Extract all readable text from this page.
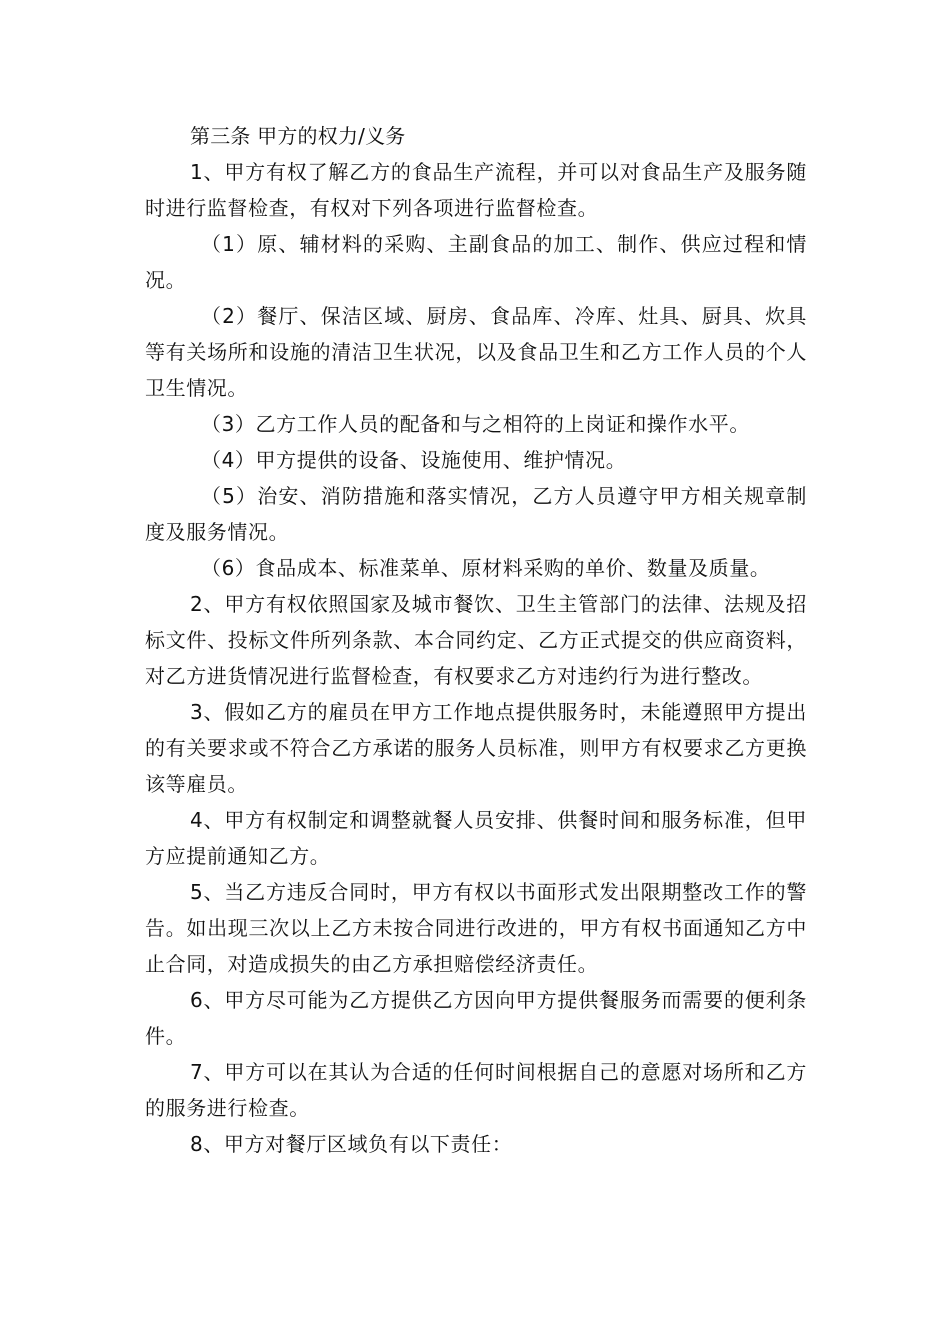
第三条 甲方的权力/义务

1、甲方有权了解乙方的食品生产流程，并可以对食品生产及服务随时进行监督检查，有权对下列各项进行监督检查。

（1）原、辅材料的采购、主副食品的加工、制作、供应过程和情况。

（2）餐厅、保洁区域、厨房、食品库、冷库、灶具、厨具、炊具等有关场所和设施的清洁卫生状况，以及食品卫生和乙方工作人员的个人卫生情况。

（3）乙方工作人员的配备和与之相符的上岗证和操作水平。

（4）甲方提供的设备、设施使用、维护情况。

（5）治安、消防措施和落实情况，乙方人员遵守甲方相关规章制度及服务情况。

（6）食品成本、标准菜单、原材料采购的单价、数量及质量。

2、甲方有权依照国家及城市餐饮、卫生主管部门的法律、法规及招标文件、投标文件所列条款、本合同约定、乙方正式提交的供应商资料，对乙方进货情况进行监督检查，有权要求乙方对违约行为进行整改。

3、假如乙方的雇员在甲方工作地点提供服务时，未能遵照甲方提出的有关要求或不符合乙方承诺的服务人员标准，则甲方有权要求乙方更换该等雇员。

4、甲方有权制定和调整就餐人员安排、供餐时间和服务标准，但甲方应提前通知乙方。

5、当乙方违反合同时，甲方有权以书面形式发出限期整改工作的警告。如出现三次以上乙方未按合同进行改进的，甲方有权书面通知乙方中止合同，对造成损失的由乙方承担赔偿经济责任。

6、甲方尽可能为乙方提供乙方因向甲方提供餐服务而需要的便利条件。

7、甲方可以在其认为合适的任何时间根据自己的意愿对场所和乙方的服务进行检查。

8、甲方对餐厅区域负有以下责任：
